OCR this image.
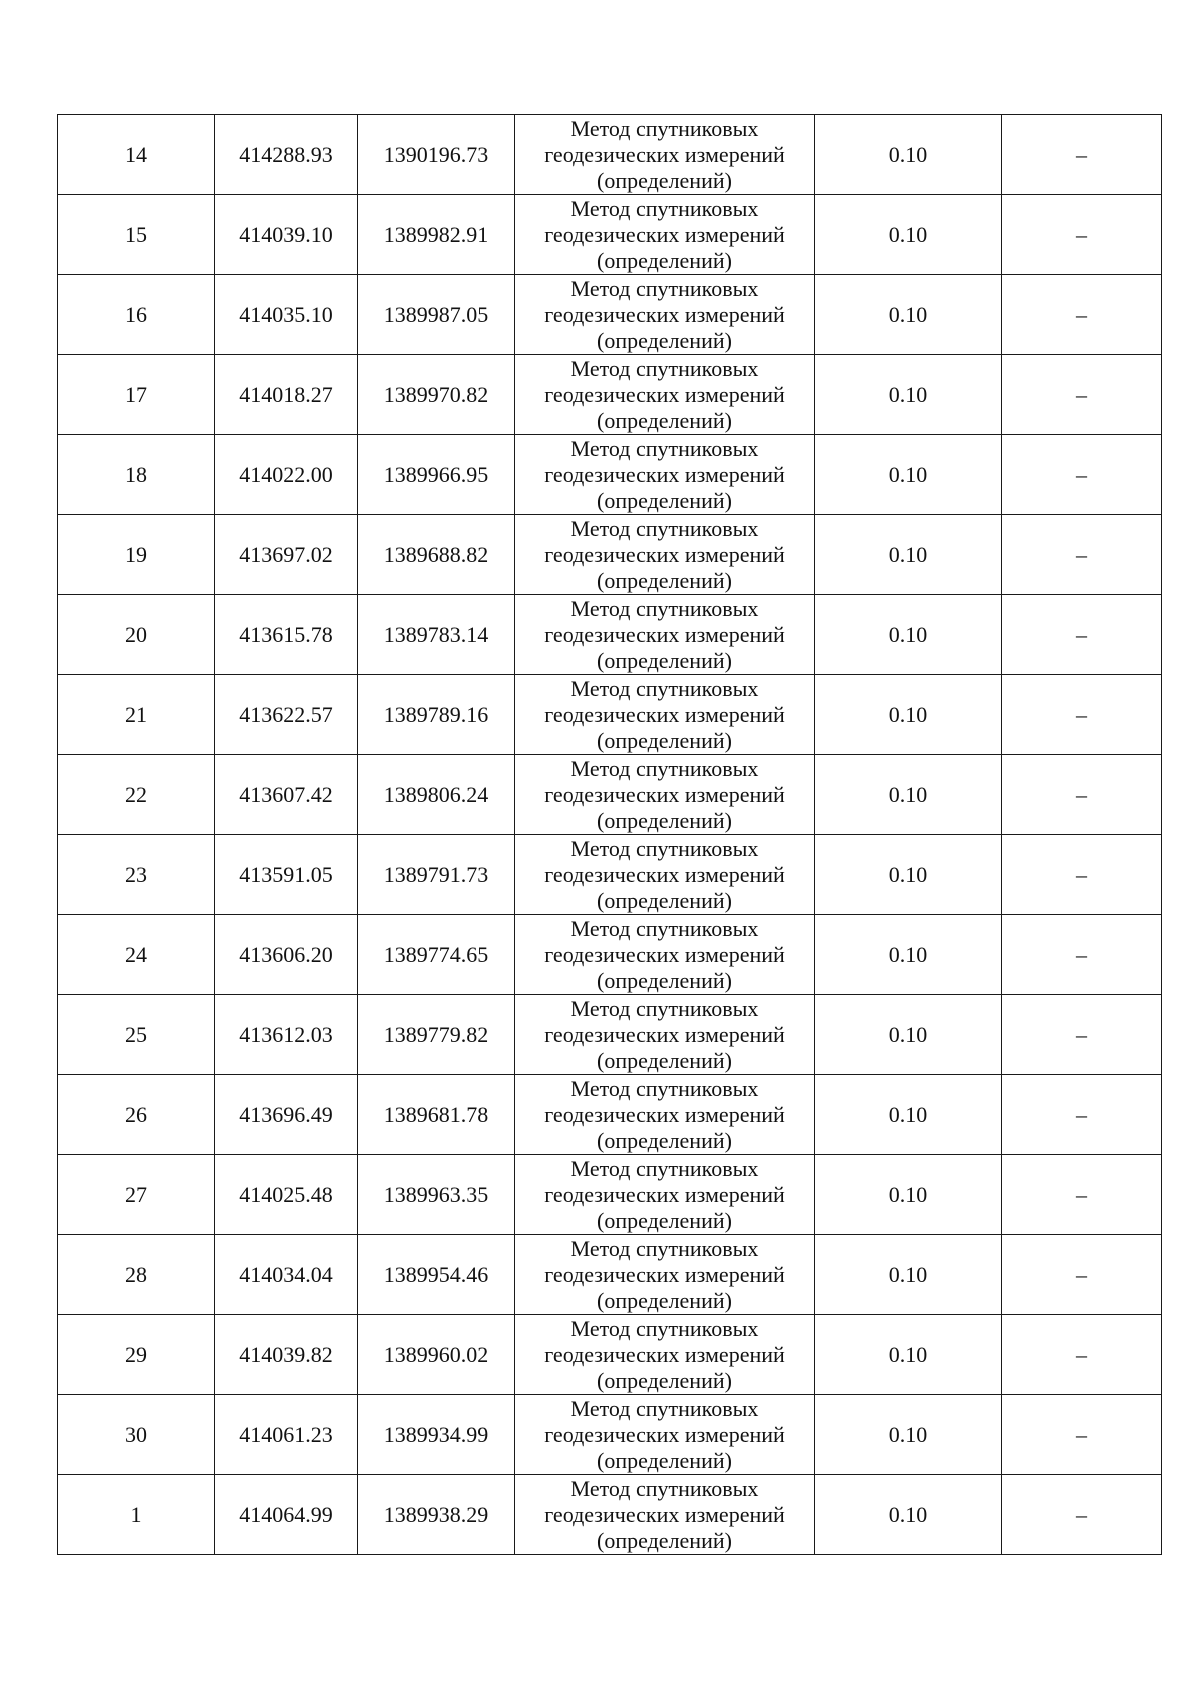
14	414288.93	1390196.73	Метод спутниковых
геодезических измерений
(определений)	0.10	–
15	414039.10	1389982.91	Метод спутниковых
геодезических измерений
(определений)	0.10	–
16	414035.10	1389987.05	Метод спутниковых
геодезических измерений
(определений)	0.10	–
17	414018.27	1389970.82	Метод спутниковых
геодезических измерений
(определений)	0.10	–
18	414022.00	1389966.95	Метод спутниковых
геодезических измерений
(определений)	0.10	–
19	413697.02	1389688.82	Метод спутниковых
геодезических измерений
(определений)	0.10	–
20	413615.78	1389783.14	Метод спутниковых
геодезических измерений
(определений)	0.10	–
21	413622.57	1389789.16	Метод спутниковых
геодезических измерений
(определений)	0.10	–
22	413607.42	1389806.24	Метод спутниковых
геодезических измерений
(определений)	0.10	–
23	413591.05	1389791.73	Метод спутниковых
геодезических измерений
(определений)	0.10	–
24	413606.20	1389774.65	Метод спутниковых
геодезических измерений
(определений)	0.10	–
25	413612.03	1389779.82	Метод спутниковых
геодезических измерений
(определений)	0.10	–
26	413696.49	1389681.78	Метод спутниковых
геодезических измерений
(определений)	0.10	–
27	414025.48	1389963.35	Метод спутниковых
геодезических измерений
(определений)	0.10	–
28	414034.04	1389954.46	Метод спутниковых
геодезических измерений
(определений)	0.10	–
29	414039.82	1389960.02	Метод спутниковых
геодезических измерений
(определений)	0.10	–
30	414061.23	1389934.99	Метод спутниковых
геодезических измерений
(определений)	0.10	–
1	414064.99	1389938.29	Метод спутниковых
геодезических измерений
(определений)	0.10	–
